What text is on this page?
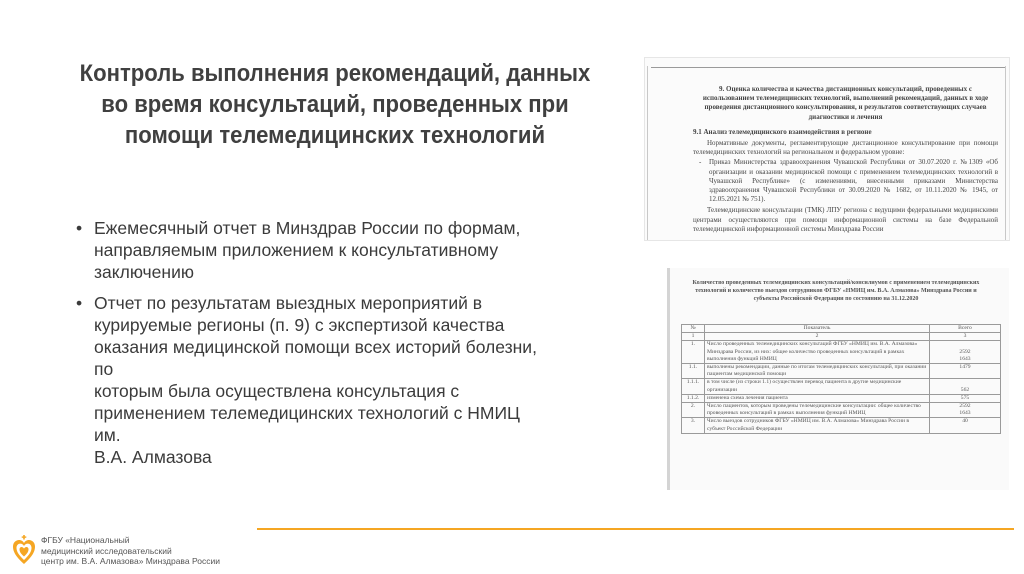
Контроль выполнения рекомендаций, данных
во время консультаций, проведенных при
помощи телемедицинских технологий
• Ежемесячный отчет в Минздрав России по формам,
направляемым приложением к консультативному
заключению
• Отчет по результатам выездных мероприятий в
курируемые регионы (п. 9) с экспертизой качества
оказания медицинской помощи всех историй болезни, по
которым была осуществлена консультация с
применением телемедицинских технологий с НМИЦ им.
В.А. Алмазова
9. Оценка количества и качества дистанционных консультаций, проведенных с использованием телемедицинских технологий, выполнений рекомендаций, данных в ходе проведения дистанционного консультирования, и результатов соответствующих случаев диагностики и лечения
9.1 Анализ телемедицинского взаимодействия в регионе
Нормативные документы, регламентирующие дистанционное консультирование при помощи телемедицинских технологий на региональном и федеральном уровне:
- Приказ Министерства здравоохранения Чувашской Республики от 30.07.2020 г. №1309 «Об организации и оказании медицинской помощи с применением телемедицинских технологий в Чувашской Республике» (с изменениями, внесенными приказами Министерства здравоохранения Чувашской Республики от 30.09.2020 № 1682, от 10.11.2020 № 1945, от 12.05.2021 № 751).
Телемедицинские консультации (ТМК) ЛПУ региона с ведущими федеральными медицинскими центрами осуществляются при помощи информационной системы на базе Федеральной телемедицинской информационной системы Минздрава России
Количество проведенных телемедицинских консультаций/консилиумов с применением телемедицинских технологий и количество выездов сотрудников ФГБУ «НМИЦ им. В.А. Алмазова» Минздрава России и субъекты Российской Федерации по состоянию на 31.12.2020
№	Показатель	Всего
1	2	3
1.	Число проведенных телемедицинских консультаций ФГБУ «НМИЦ им. В.А. Алмазова» Минздрава России, из них: общее количество проведенных консультаций в рамках выполнения функций НМИЦ	2592
1643

1.1.	выполнены рекомендации, данные по итогам телемедицинских консультаций, при оказании пациентам медицинской помощи	1479

1.1.1.	в том числе (из строки 1.1) осуществлен перевод пациента в другие медицинские организации	562

1.1.2.	изменена схема лечения пациента	575

2.	Число пациентов, которым проведены телемедицинские консультации: общее количество проведенных консультаций в рамках выполнения функций НМИЦ	2592
1643

3.	Число выездов сотрудников ФГБУ «НМИЦ им. В.А. Алмазова» Минздрава России в субъект Российской Федерации	40
ФГБУ «Национальный
медицинский исследовательский
центр им. В.А. Алмазова» Минздрава России
